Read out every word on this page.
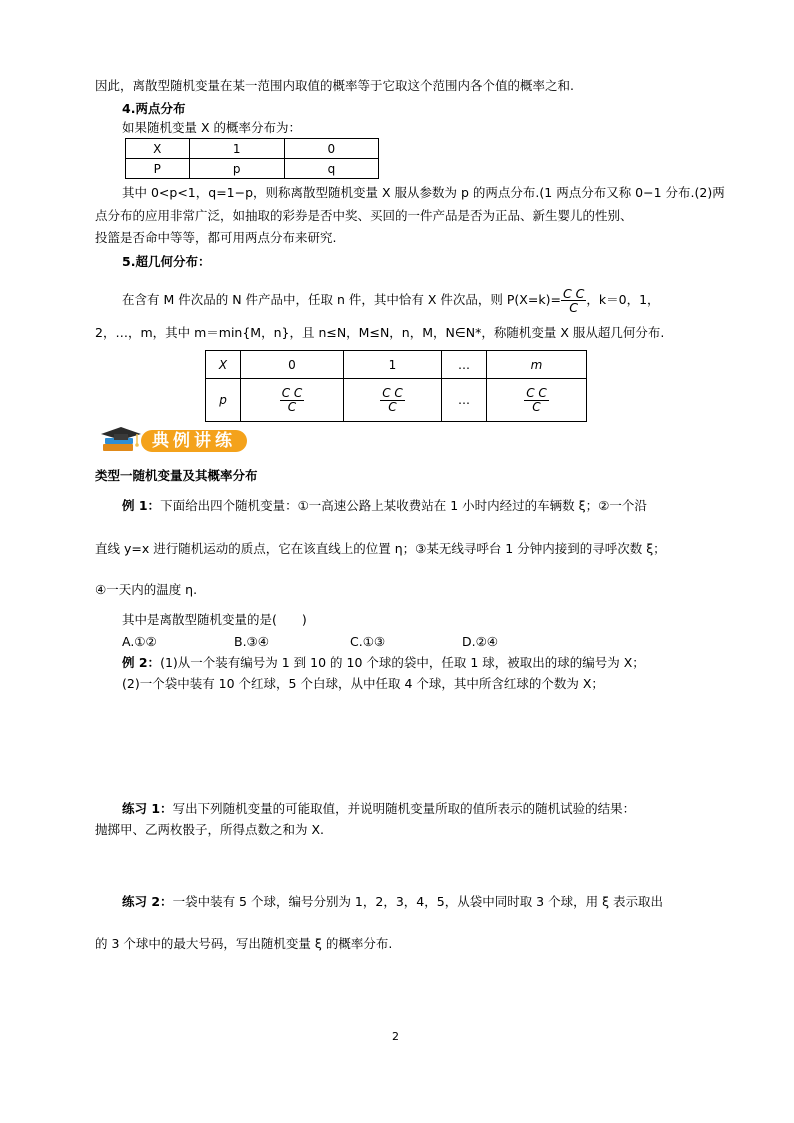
因此，离散型随机变量在某一范围内取值的概率等于它取这个范围内各个值的概率之和.
4.两点分布
如果随机变量 X 的概率分布为：
X	1	0
P	p	q
其中 0<p<1，q=1−p，则称离散型随机变量 X 服从参数为 p 的两点分布.(1 两点分布又称 0−1 分布.(2)两
点分布的应用非常广泛，如抽取的彩券是否中奖、买回的一件产品是否为正品、新生婴儿的性别、
投篮是否命中等等，都可用两点分布来研究.
5.超几何分布：
在含有 M 件次品的 N 件产品中，任取 n 件，其中恰有 X 件次品，则 $P(X=k)= \frac{\text{C C}}{C}$ ，k＝0，1，
2，…，m，其中 m＝min{M，n}，且 n≤N，M≤N，n，M，N∈N*，称随机变量 X 服从超几何分布.
X	0	1	…	m
p	$\frac{\text{C C}}{C}$	$\frac{\text{C C}}{C}$	…	$\frac{\text{C C}}{C}$
典例讲练
类型一随机变量及其概率分布
例 1：下面给出四个随机变量：①一高速公路上某收费站在 1 小时内经过的车辆数 ξ；②一个沿
直线 y=x 进行随机运动的质点，它在该直线上的位置 η；③某无线寻呼台 1 分钟内接到的寻呼次数 ξ；
④一天内的温度 η.
其中是离散型随机变量的是(　　)
A.①②	B.③④	C.①③	D.②④
例 2：(1)从一个装有编号为 1 到 10 的 10 个球的袋中，任取 1 球，被取出的球的编号为 X；
(2)一个袋中装有 10 个红球，5 个白球，从中任取 4 个球，其中所含红球的个数为 X；
练习 1：写出下列随机变量的可能取值，并说明随机变量所取的值所表示的随机试验的结果：
抛掷甲、乙两枚骰子，所得点数之和为 X.
练习 2：一袋中装有 5 个球，编号分别为 1，2，3，4，5，从袋中同时取 3 个球，用 ξ 表示取出
的 3 个球中的最大号码，写出随机变量 ξ 的概率分布.
2
